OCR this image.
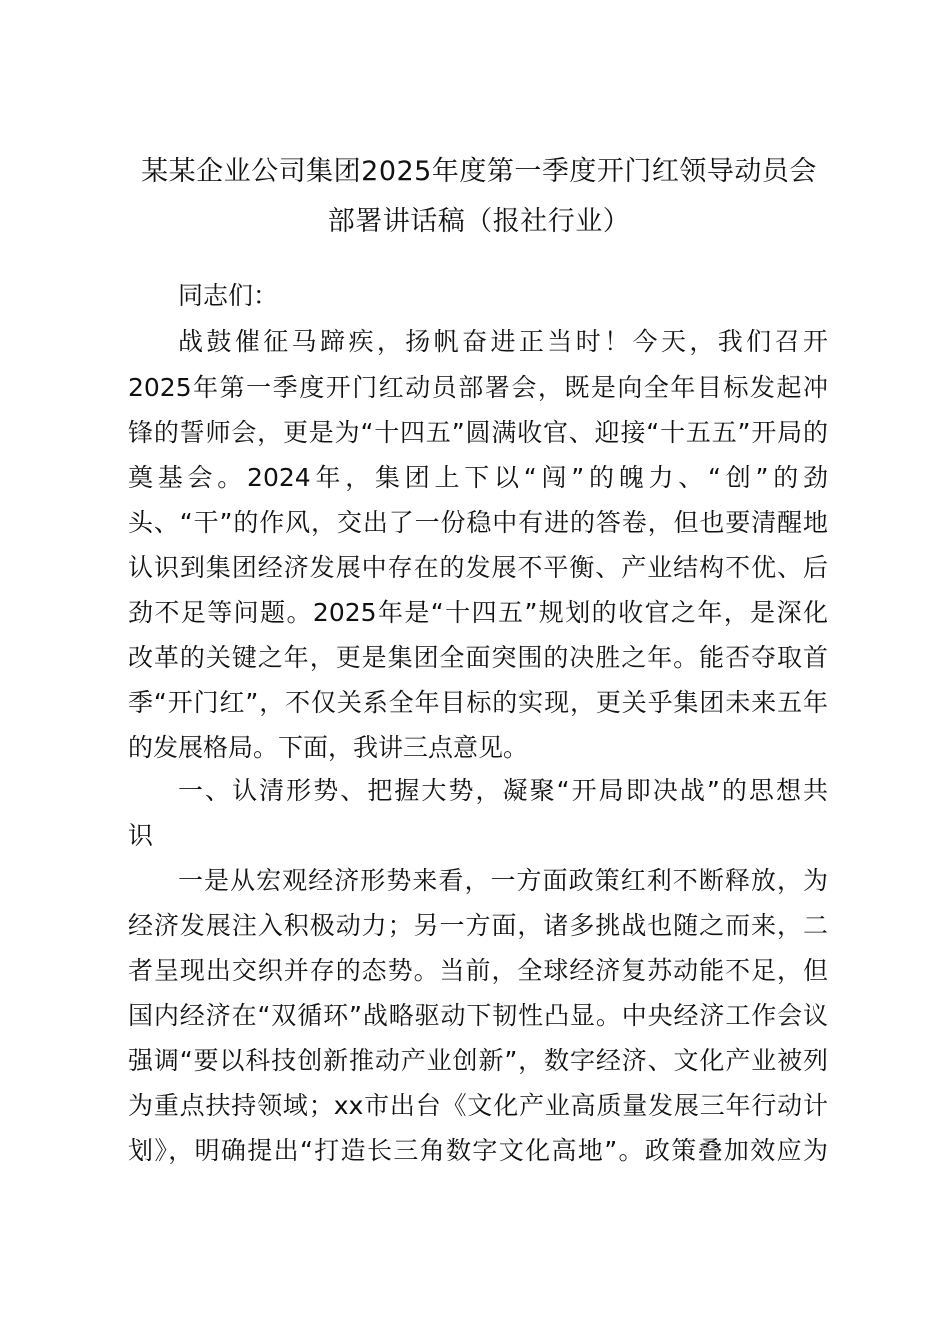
某某企业公司集团2025年度第一季度开门红领导动员会
部署讲话稿（报社行业）

同志们：

战鼓催征马蹄疾，扬帆奋进正当时！今天，我们召开

2025年第一季度开门红动员部署会，既是向全年目标发起冲

锋的誓师会，更是为“十四五”圆满收官、迎接“十五五”开局的

奠基会。2024年，集团上下以“闯”的魄力、“创”的劲

头、“干”的作风，交出了一份稳中有进的答卷，但也要清醒地

认识到集团经济发展中存在的发展不平衡、产业结构不优、后

劲不足等问题。2025年是“十四五”规划的收官之年，是深化

改革的关键之年，更是集团全面突围的决胜之年。能否夺取首

季“开门红”，不仅关系全年目标的实现，更关乎集团未来五年

的发展格局。下面，我讲三点意见。

一、认清形势、把握大势，凝聚“开局即决战”的思想共

识

一是从宏观经济形势来看，一方面政策红利不断释放，为

经济发展注入积极动力；另一方面，诸多挑战也随之而来，二

者呈现出交织并存的态势。当前，全球经济复苏动能不足，但

国内经济在“双循环”战略驱动下韧性凸显。中央经济工作会议

强调“要以科技创新推动产业创新”，数字经济、文化产业被列

为重点扶持领域；xx市出台《文化产业高质量发展三年行动计

划》，明确提出“打造长三角数字文化高地”。政策叠加效应为
